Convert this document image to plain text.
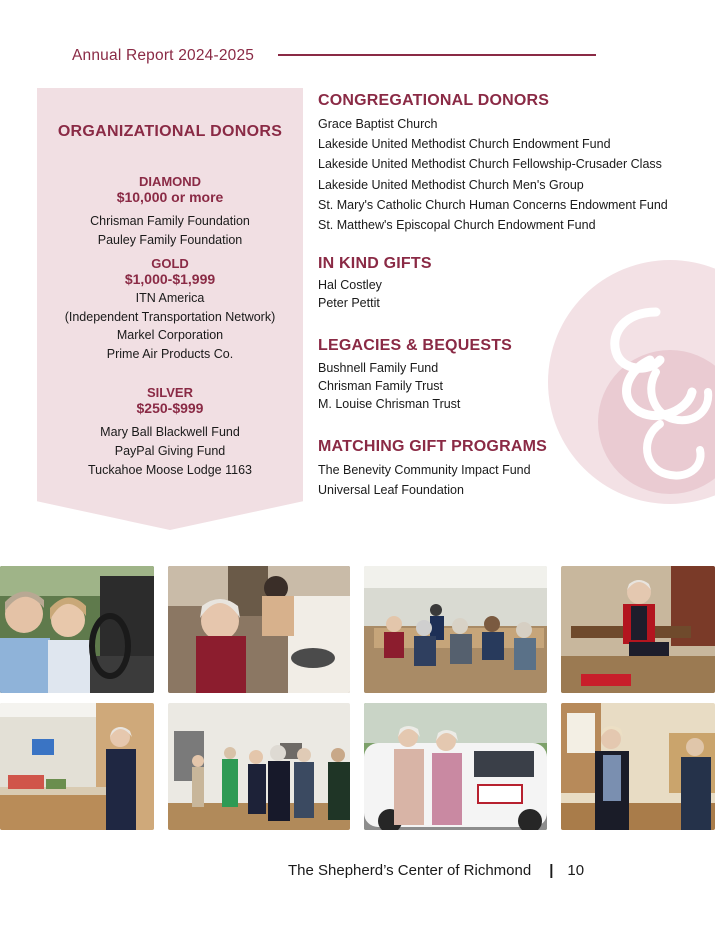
Annual Report 2024-2025
ORGANIZATIONAL DONORS
DIAMOND
$10,000 or more
Chrisman Family Foundation
Pauley Family Foundation
GOLD
$1,000-$1,999
ITN America
(Independent Transportation Network)
Markel Corporation
Prime Air Products Co.
SILVER
$250-$999
Mary Ball Blackwell Fund
PayPal Giving Fund
Tuckahoe Moose Lodge 1163
CONGREGATIONAL DONORS
Grace Baptist Church
Lakeside United Methodist Church Endowment Fund
Lakeside United Methodist Church Fellowship-Crusader Class
Lakeside United Methodist Church Men's Group
St. Mary's Catholic Church Human Concerns Endowment Fund
St. Matthew's Episcopal Church Endowment Fund
IN KIND GIFTS
Hal Costley
Peter Pettit
LEGACIES & BEQUESTS
Bushnell Family Fund
Chrisman Family Trust
M. Louise Chrisman Trust
MATCHING GIFT PROGRAMS
The Benevity Community Impact Fund
Universal Leaf Foundation
The Shepherd’s Center of Richmond | 10
